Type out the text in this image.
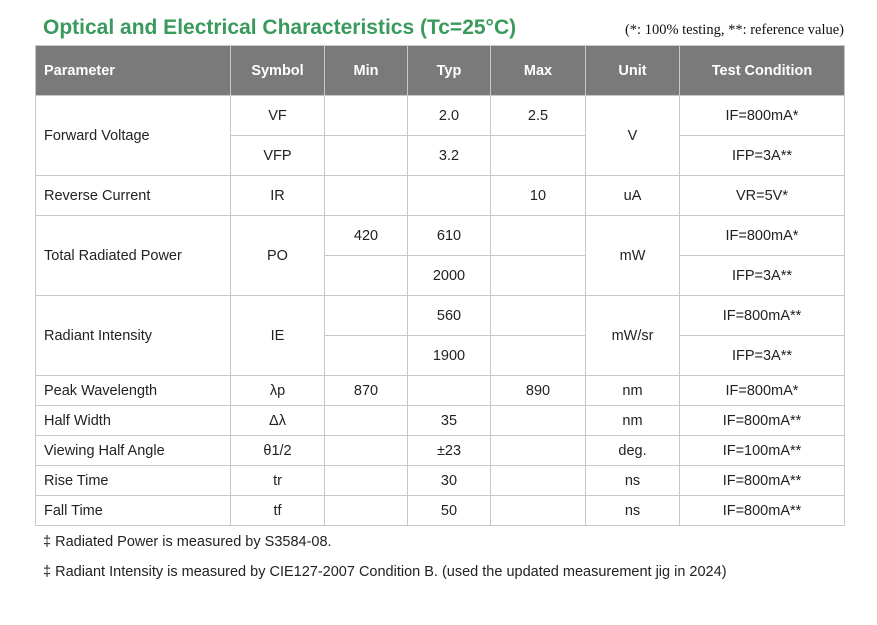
Optical and Electrical Characteristics (Tc=25°C)	(*: 100% testing, **: reference value)
Parameter	Symbol	Min	Typ	Max	Unit	Test Condition
Forward Voltage	VF		2.0	2.5	V	IF=800mA*
	VFP		3.2			IFP=3A**
Reverse Current	IR			10	uA	VR=5V*
Total Radiated Power	PO	420	610		mW	IF=800mA*
			2000			IFP=3A**
Radiant Intensity	IE		560		mW/sr	IF=800mA**
			1900			IFP=3A**
Peak Wavelength	λp	870		890	nm	IF=800mA*
Half Width	Δλ		35		nm	IF=800mA**
Viewing Half Angle	θ1/2		±23		deg.	IF=100mA**
Rise Time	tr		30		ns	IF=800mA**
Fall Time	tf		50		ns	IF=800mA**
‡ Radiated Power is measured by S3584-08.
‡ Radiant Intensity is measured by CIE127-2007 Condition B. (used the updated measurement jig in 2024)
